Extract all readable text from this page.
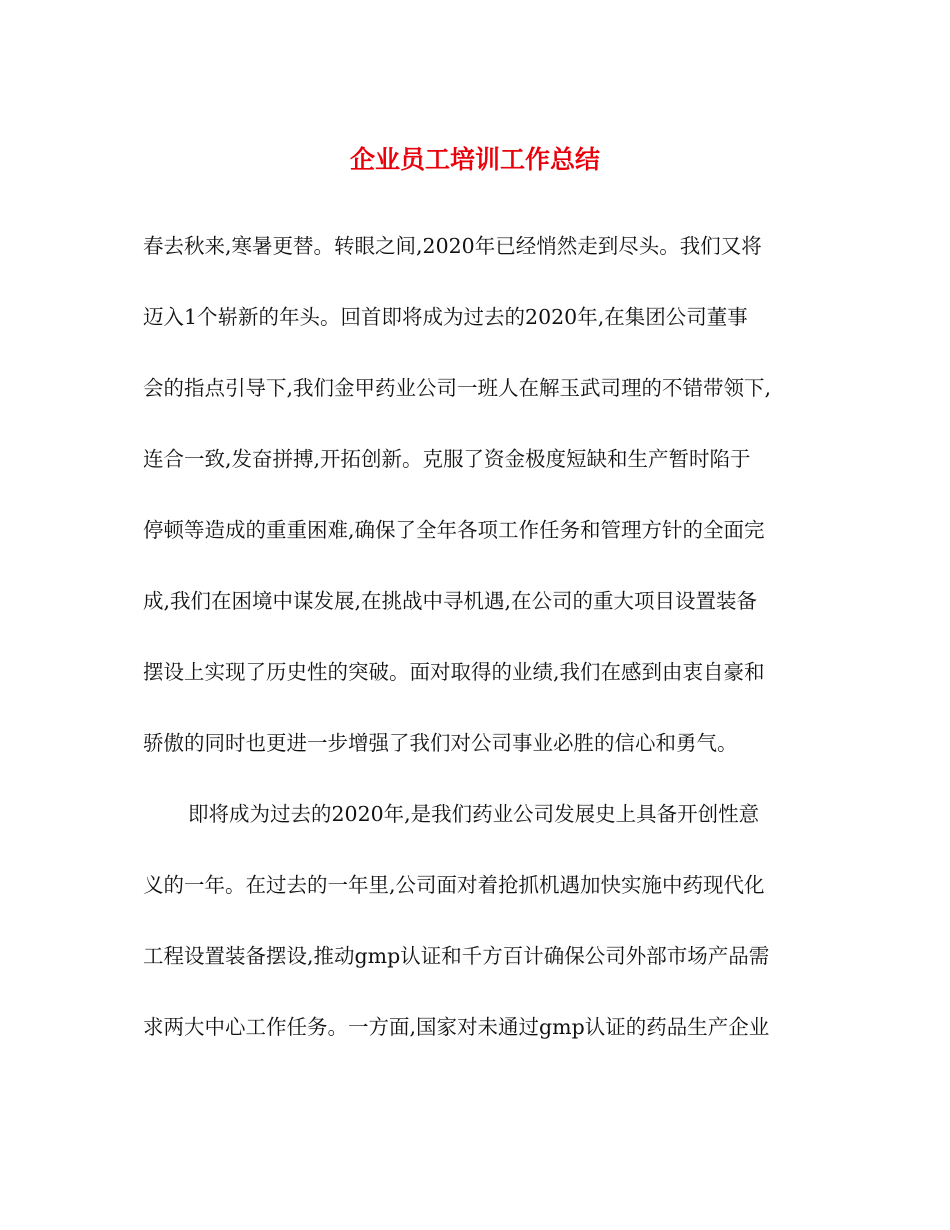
企业员工培训工作总结
春去秋来,寒暑更替。转眼之间,2020年已经悄然走到尽头。我们又将
迈入1个崭新的年头。回首即将成为过去的2020年,在集团公司董事
会的指点引导下,我们金甲药业公司一班人在解玉武司理的不错带领下,
连合一致,发奋拼搏,开拓创新。克服了资金极度短缺和生产暂时陷于
停顿等造成的重重困难,确保了全年各项工作任务和管理方针的全面完
成,我们在困境中谋发展,在挑战中寻机遇,在公司的重大项目设置装备
摆设上实现了历史性的突破。面对取得的业绩,我们在感到由衷自豪和
骄傲的同时也更进一步增强了我们对公司事业必胜的信心和勇气。
即将成为过去的2020年,是我们药业公司发展史上具备开创性意
义的一年。在过去的一年里,公司面对着抢抓机遇加快实施中药现代化
工程设置装备摆设,推动gmp认证和千方百计确保公司外部市场产品需
求两大中心工作任务。一方面,国家对未通过gmp认证的药品生产企业
